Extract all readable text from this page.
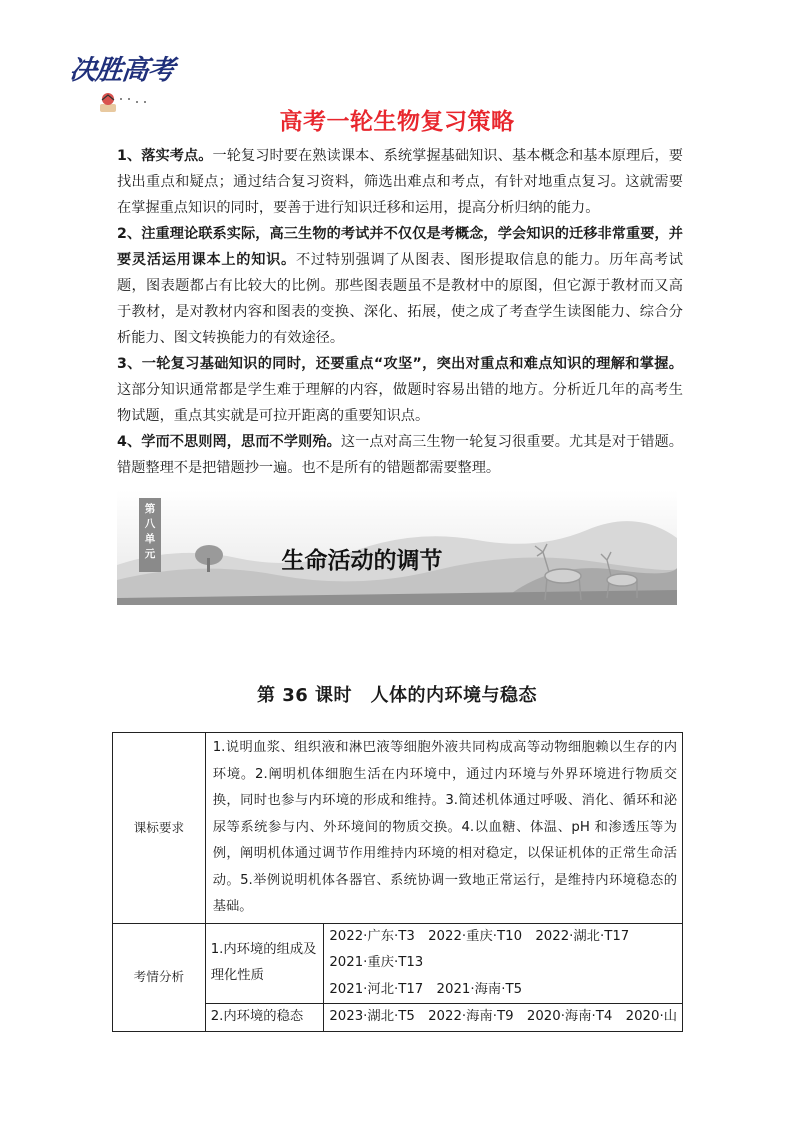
决胜高考
高考一轮生物复习策略

1、落实考点。一轮复习时要在熟读课本、系统掌握基础知识、基本概念和基本原理后，要找出重点和疑点；通过结合复习资料，筛选出难点和考点，有针对地重点复习。这就需要在掌握重点知识的同时，要善于进行知识迁移和运用，提高分析归纳的能力。

2、注重理论联系实际，高三生物的考试并不仅仅是考概念，学会知识的迁移非常重要，并要灵活运用课本上的知识。不过特别强调了从图表、图形提取信息的能力。历年高考试题，图表题都占有比较大的比例。那些图表题虽不是教材中的原图，但它源于教材而又高于教材，是对教材内容和图表的变换、深化、拓展，使之成了考查学生读图能力、综合分析能力、图文转换能力的有效途径。

3、一轮复习基础知识的同时，还要重点“攻坚”，突出对重点和难点知识的理解和掌握。这部分知识通常都是学生难于理解的内容，做题时容易出错的地方。分析近几年的高考生物试题，重点其实就是可拉开距离的重要知识点。

4、学而不思则罔，思而不学则殆。这一点对高三生物一轮复习很重要。尤其是对于错题。错题整理不是把错题抄一遍。也不是所有的错题都需要整理。

第八单元	生命活动的调节
第 36 课时　人体的内环境与稳态
课标要求	1.说明血浆、组织液和淋巴液等细胞外液共同构成高等动物细胞赖以生存的内环境。2.阐明机体细胞生活在内环境中，通过内环境与外界环境进行物质交换，同时也参与内环境的形成和维持。3.简述机体通过呼吸、消化、循环和泌尿等系统参与内、外环境间的物质交换。4.以血糖、体温、pH 和渗透压等为例，阐明机体通过调节作用维持内环境的相对稳定，以保证机体的正常生命活动。5.举例说明机体各器官、系统协调一致地正常运行，是维持内环境稳态的基础。	
考情分析	1.内环境的组成及理化性质	2022·广东·T3　2022·重庆·T10　2022·湖北·T17　2021·重庆·T13
2021·河北·T17　2021·海南·T5

	2.内环境的稳态	2023·湖北·T5　2022·海南·T9　2020·海南·T4　2020·山
